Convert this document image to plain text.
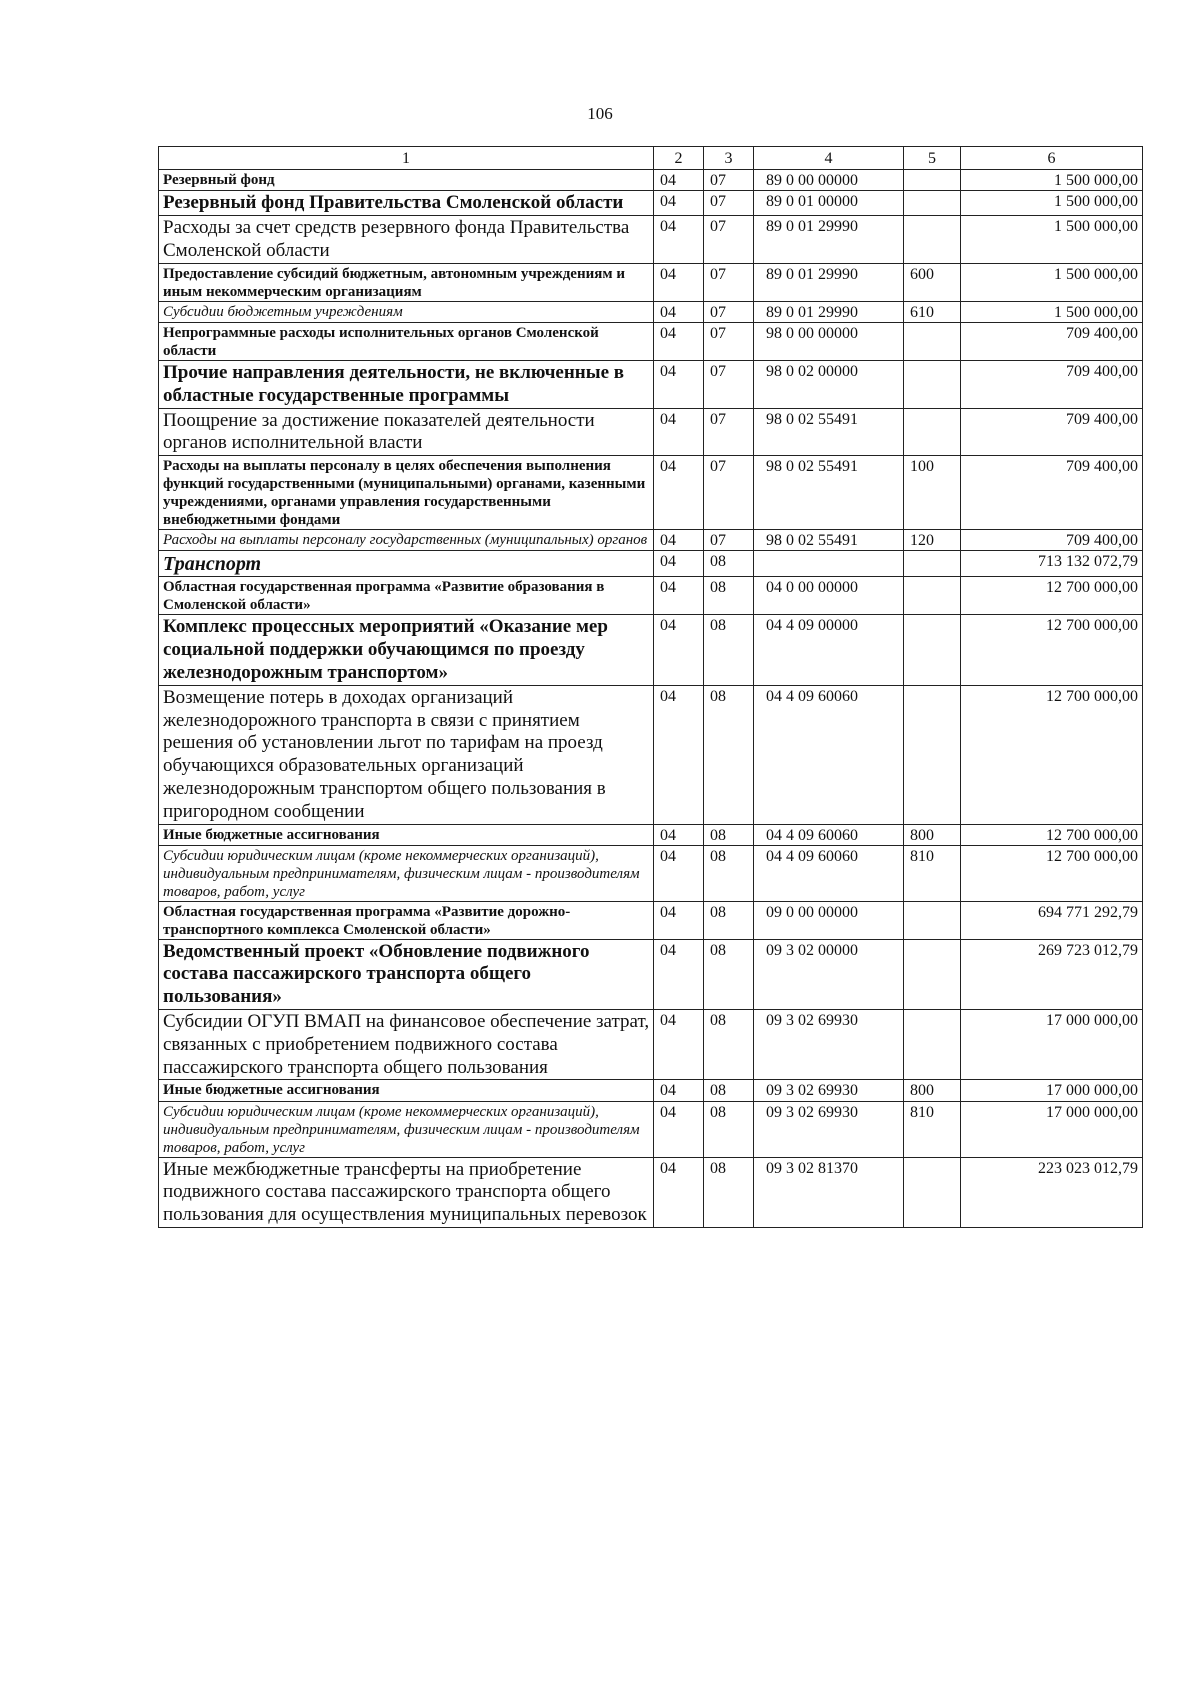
106
1	2	3	4	5	6
Резервный фонд	04	07	89 0 00 00000		1 500 000,00
Резервный фонд Правительства Смоленской области	04	07	89 0 01 00000		1 500 000,00
Расходы за счет средств резервного фонда Правительства Смоленской области	04	07	89 0 01 29990		1 500 000,00
Предоставление субсидий бюджетным, автономным учреждениям и иным некоммерческим организациям	04	07	89 0 01 29990	600	1 500 000,00
Субсидии бюджетным учреждениям	04	07	89 0 01 29990	610	1 500 000,00
Непрограммные расходы исполнительных органов Смоленской области	04	07	98 0 00 00000		709 400,00
Прочие направления деятельности, не включенные в областные государственные программы	04	07	98 0 02 00000		709 400,00
Поощрение за достижение показателей деятельности органов исполнительной власти	04	07	98 0 02 55491		709 400,00
Расходы на выплаты персоналу в целях обеспечения выполнения функций государственными (муниципальными) органами, казенными учреждениями, органами управления государственными внебюджетными фондами	04	07	98 0 02 55491	100	709 400,00
Расходы на выплаты персоналу государственных (муниципальных) органов	04	07	98 0 02 55491	120	709 400,00
Транспорт	04	08			713 132 072,79
Областная государственная программа «Развитие образования в Смоленской области»	04	08	04 0 00 00000		12 700 000,00
Комплекс процессных мероприятий «Оказание мер социальной поддержки обучающимся по проезду железнодорожным транспортом»	04	08	04 4 09 00000		12 700 000,00
Возмещение потерь в доходах организаций железнодорожного транспорта в связи с принятием решения об установлении льгот по тарифам на проезд обучающихся образовательных организаций железнодорожным транспортом общего пользования в пригородном сообщении	04	08	04 4 09 60060		12 700 000,00
Иные бюджетные ассигнования	04	08	04 4 09 60060	800	12 700 000,00
Субсидии юридическим лицам (кроме некоммерческих организаций), индивидуальным предпринимателям, физическим лицам - производителям товаров, работ, услуг	04	08	04 4 09 60060	810	12 700 000,00
Областная государственная программа «Развитие дорожно-транспортного комплекса Смоленской области»	04	08	09 0 00 00000		694 771 292,79
Ведомственный проект «Обновление подвижного состава пассажирского транспорта общего пользования»	04	08	09 3 02 00000		269 723 012,79
Субсидии ОГУП ВМАП на финансовое обеспечение затрат, связанных с приобретением подвижного состава пассажирского транспорта общего пользования	04	08	09 3 02 69930		17 000 000,00
Иные бюджетные ассигнования	04	08	09 3 02 69930	800	17 000 000,00
Субсидии юридическим лицам (кроме некоммерческих организаций), индивидуальным предпринимателям, физическим лицам - производителям товаров, работ, услуг	04	08	09 3 02 69930	810	17 000 000,00
Иные межбюджетные трансферты на приобретение подвижного состава пассажирского транспорта общего пользования для осуществления муниципальных перевозок	04	08	09 3 02 81370		223 023 012,79
